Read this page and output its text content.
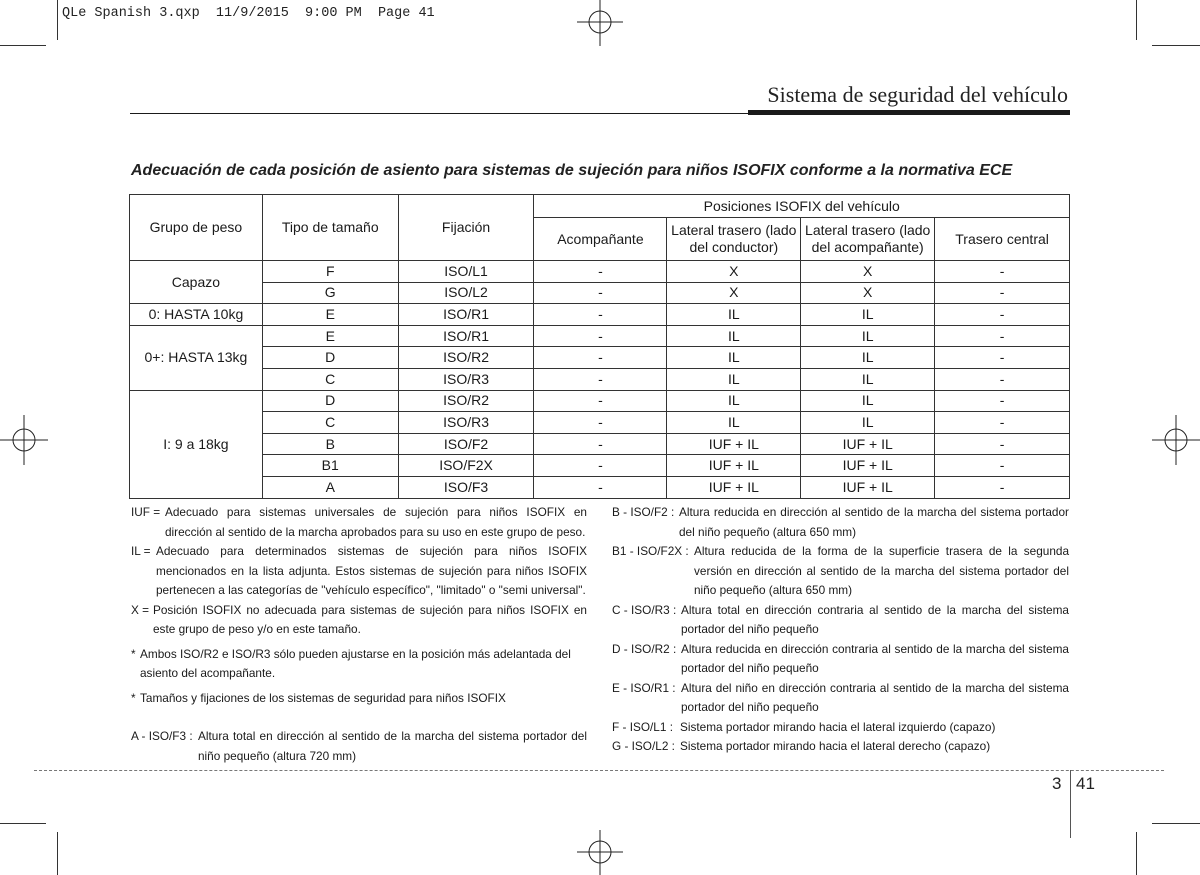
QLe Spanish 3.qxp  11/9/2015  9:00 PM  Page 41
Sistema de seguridad del vehículo
Adecuación de cada posición de asiento para sistemas de sujeción para niños ISOFIX conforme a la normativa ECE
Grupo de peso	Tipo de tamaño	Fijación	Posiciones ISOFIX del vehículo			
			Acompañante	Lateral trasero (lado del conductor)	Lateral trasero (lado del acompañante)	Trasero central
Capazo	F	ISO/L1	-	X	X	-
	G	ISO/L2	-	X	X	-
0: HASTA 10kg	E	ISO/R1	-	IL	IL	-
0+: HASTA 13kg	E	ISO/R1	-	IL	IL	-
	D	ISO/R2	-	IL	IL	-
	C	ISO/R3	-	IL	IL	-
I: 9 a 18kg	D	ISO/R2	-	IL	IL	-
	C	ISO/R3	-	IL	IL	-
	B	ISO/F2	-	IUF + IL	IUF + IL	-
	B1	ISO/F2X	-	IUF + IL	IUF + IL	-
	A	ISO/F3	-	IUF + IL	IUF + IL	-
IUF = Adecuado para sistemas universales de sujeción para niños ISOFIX en dirección al sentido de la marcha aprobados para su uso en este grupo de peso.
IL = Adecuado para determinados sistemas de sujeción para niños ISOFIX mencionados en la lista adjunta. Estos sistemas de sujeción para niños ISOFIX pertenecen a las categorías de "vehículo específico", "limitado" o "semi universal".
X = Posición ISOFIX no adecuada para sistemas de sujeción para niños ISOFIX en este grupo de peso y/o en este tamaño.
* Ambos ISO/R2 e ISO/R3 sólo pueden ajustarse en la posición más adelantada del asiento del acompañante.
* Tamaños y fijaciones de los sistemas de seguridad para niños ISOFIX
A - ISO/F3 : Altura total en dirección al sentido de la marcha del sistema portador del niño pequeño (altura 720 mm)
B - ISO/F2 : Altura reducida en dirección al sentido de la marcha del sistema portador del niño pequeño (altura 650 mm)
B1 - ISO/F2X : Altura reducida de la forma de la superficie trasera de la segunda versión en dirección al sentido de la marcha del sistema portador del niño pequeño (altura 650 mm)
C - ISO/R3 : Altura total en dirección contraria al sentido de la marcha del sistema portador del niño pequeño
D - ISO/R2 : Altura reducida en dirección contraria al sentido de la marcha del sistema portador del niño pequeño
E - ISO/R1 : Altura del niño en dirección contraria al sentido de la marcha del sistema portador del niño pequeño
F - ISO/L1 : Sistema portador mirando hacia el lateral izquierdo (capazo)
G - ISO/L2 : Sistema portador mirando hacia el lateral derecho (capazo)
3 41
